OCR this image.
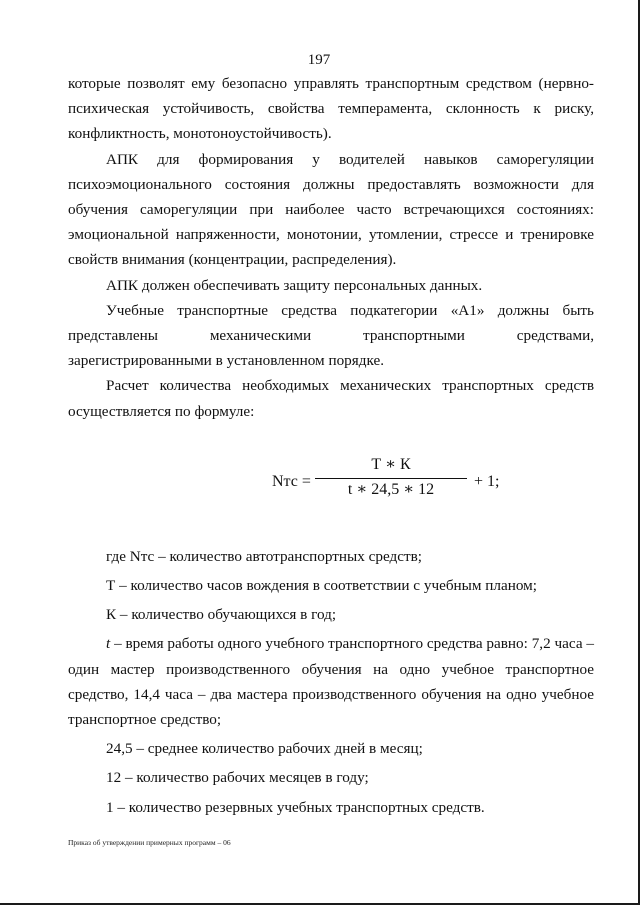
197

которые позволят ему безопасно управлять транспортным средством (нервно-психическая устойчивость, свойства темперамента, склонность к риску, конфликтность, монотоноустойчивость).

АПК для формирования у водителей навыков саморегуляции психоэмоционального состояния должны предоставлять возможности для обучения саморегуляции при наиболее часто встречающихся состояниях: эмоциональной напряженности, монотонии, утомлении, стрессе и тренировке свойств внимания (концентрации, распределения).

АПК должен обеспечивать защиту персональных данных.

Учебные транспортные средства подкатегории «А1» должны быть представлены механическими транспортными средствами, зарегистрированными в установленном порядке.

Расчет количества необходимых механических транспортных средств осуществляется по формуле:

Nтс =
Т ∗ К
t ∗ 24,5 ∗ 12	+ 1;

где Nтс – количество автотранспортных средств;

Т – количество часов вождения в соответствии с учебным планом;

К – количество обучающихся в год;

t – время работы одного учебного транспортного средства равно: 7,2 часа – один мастер производственного обучения на одно учебное транспортное средство, 14,4 часа – два мастера производственного обучения на одно учебное транспортное средство;

24,5 – среднее количество рабочих дней в месяц;

12 – количество рабочих месяцев в году;

1 – количество резервных учебных транспортных средств.

Приказ об утверждении примерных программ – 06
